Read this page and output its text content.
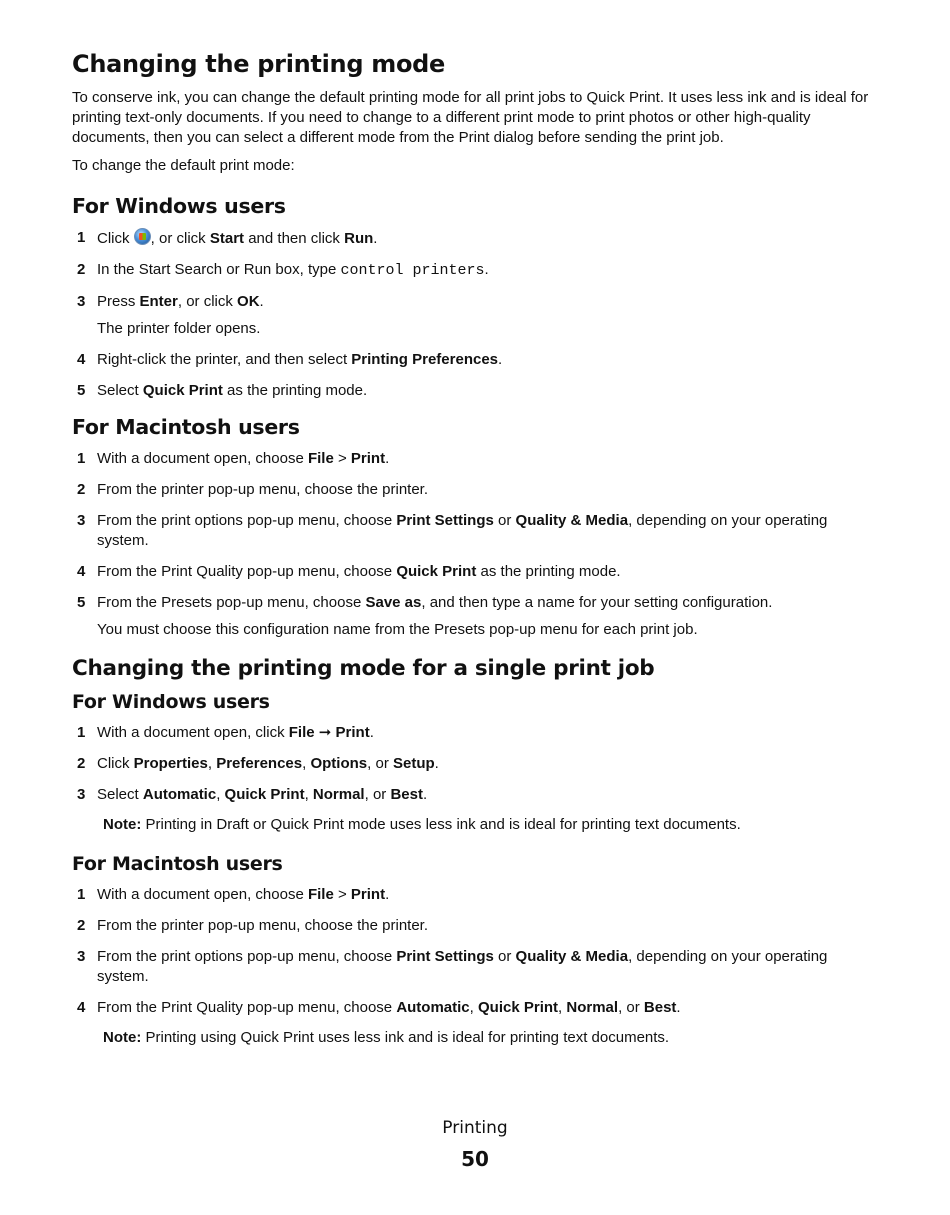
Changing the printing mode

To conserve ink, you can change the default printing mode for all print jobs to Quick Print. It uses less ink and is ideal for printing text-only documents. If you need to change to a different print mode to print photos or other high-quality documents, then you can select a different mode from the Print dialog before sending the print job.

To change the default print mode:

For Windows users
1 Click , or click Start and then click Run.
2 In the Start Search or Run box, type control printers.
3 Press Enter, or click OK.
The printer folder opens.
4 Right-click the printer, and then select Printing Preferences.
5 Select Quick Print as the printing mode.
For Macintosh users
1 With a document open, choose File > Print.
2 From the printer pop-up menu, choose the printer.
3 From the print options pop-up menu, choose Print Settings or Quality & Media, depending on your operating system.
4 From the Print Quality pop-up menu, choose Quick Print as the printing mode.
5 From the Presets pop-up menu, choose Save as, and then type a name for your setting configuration.
You must choose this configuration name from the Presets pop-up menu for each print job.
Changing the printing mode for a single print job
For Windows users
1 With a document open, click File ➞ Print.
2 Click Properties, Preferences, Options, or Setup.
3 Select Automatic, Quick Print, Normal, or Best.

Note: Printing in Draft or Quick Print mode uses less ink and is ideal for printing text documents.

For Macintosh users
1 With a document open, choose File > Print.
2 From the printer pop-up menu, choose the printer.
3 From the print options pop-up menu, choose Print Settings or Quality & Media, depending on your operating system.
4 From the Print Quality pop-up menu, choose Automatic, Quick Print, Normal, or Best.

Note: Printing using Quick Print uses less ink and is ideal for printing text documents.

Printing
50
